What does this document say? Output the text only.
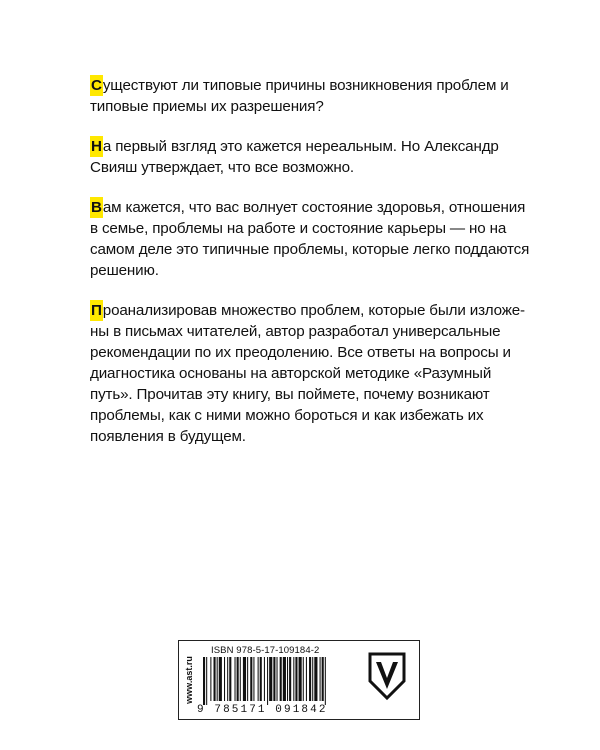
Существуют ли типовые причины возникновения проблем и
типовые приемы их разрешения?
На первый взгляд это кажется нереальным. Но Александр
Свияш утверждает, что все возможно.
Вам кажется, что вас волнует состояние здоровья, отношения
в семье, проблемы на работе и состояние карьеры — но на
самом деле это типичные проблемы, которые легко поддаются
решению.
Проанализировав множество проблем, которые были изложе-
ны в письмах читателей, автор разработал универсальные
рекомендации по их преодолению. Все ответы на вопросы и
диагностика основаны на авторской методике «Разумный
путь». Прочитав эту книгу, вы поймете, почему возникают
проблемы, как с ними можно бороться и как избежать их
появления в будущем.
www.ast.ru
ISBN 978-5-17-109184-2
9 785171 091842
